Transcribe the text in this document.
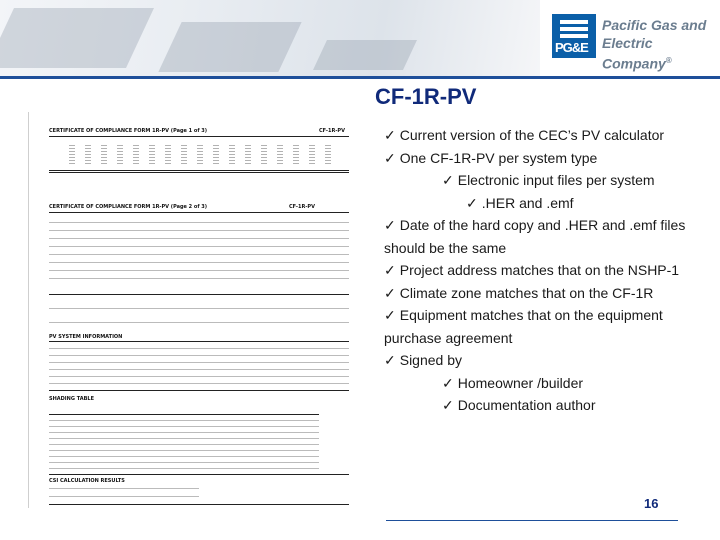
PG&E
Pacific Gas and
Electric Company®
CF-1R-PV
CERTIFICATE OF COMPLIANCE FORM 1R-PV (Page 1 of 3)	CF-1R-PV
CERTIFICATE OF COMPLIANCE FORM 1R-PV (Page 2 of 3)	CF-1R-PV
PV SYSTEM INFORMATION
SHADING TABLE
CSI CALCULATION RESULTS
✓ Current version of the CEC’s PV calculator
✓ One CF-1R-PV per system type
✓ Electronic input files per system
✓ .HER and .emf
✓ Date of the hard copy and .HER and .emf files should be the same
✓ Project address matches that on the NSHP-1
✓ Climate zone matches that on the CF-1R
✓ Equipment matches that on the equipment purchase agreement
✓ Signed by
✓ Homeowner /builder
✓ Documentation author
16
